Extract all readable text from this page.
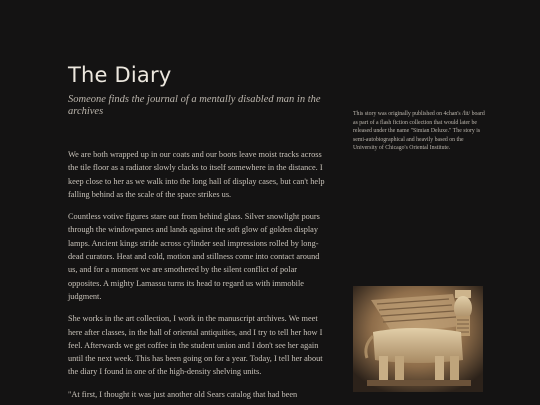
The Diary

Someone finds the journal of a mentally disabled man in the archives

We are both wrapped up in our coats and our boots leave moist tracks across the tile floor as a radiator slowly clacks to itself somewhere in the distance. I keep close to her as we walk into the long hall of display cases, but can't help falling behind as the scale of the space strikes us.

Countless votive figures stare out from behind glass. Silver snowlight pours through the windowpanes and lands against the soft glow of golden display lamps. Ancient kings stride across cylinder seal impressions rolled by long-dead curators. Heat and cold, motion and stillness come into contact around us, and for a moment we are smothered by the silent conflict of polar opposites. A mighty Lamassu turns its head to regard us with immobile judgment.

She works in the art collection, I work in the manuscript archives. We meet here after classes, in the hall of oriental antiquities, and I try to tell her how I feel. Afterwards we get coffee in the student union and I don't see her again until the next week. This has been going on for a year. Today, I tell her about the diary I found in one of the high-density shelving units.

"At first, I thought it was just another old Sears catalog that had been

This story was originally published on 4chan's /lit/ board as part of a flash fiction collection that would later be released under the name "Simian Deluxe." The story is semi-autobiographical and heavily based on the University of Chicago's Oriental Institute.
